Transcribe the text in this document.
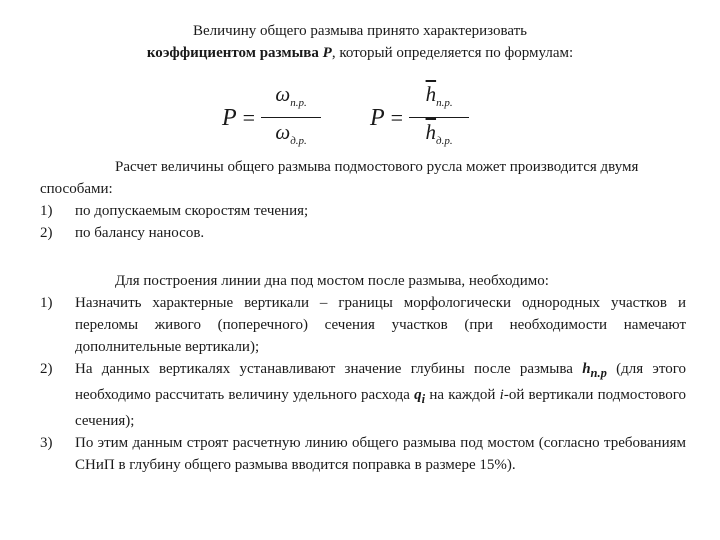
Величину общего размыва принято характеризовать
коэффициентом размыва P, который определяется по формулам:
$P = \frac{\omega_{п.р.}}{\omega_{д.р.}}$ $P = \frac{\overline{h}_{п.р.}}{\overline{h}_{д.р.}}$
Расчет величины общего размыва подмостового русла может производится двумя способами:
1) по допускаемым скоростям течения;
2) по балансу наносов.
Для построения линии дна под мостом после размыва, необходимо:
1) Назначить характерные вертикали – границы морфологически однородных участков и переломы живого (поперечного) сечения участков (при необходимости намечают дополнительные вертикали);
2) На данных вертикалях устанавливают значение глубины после размыва $h_{п.р}$ (для этого необходимо рассчитать величину удельного расхода $q_i$ на каждой i-ой вертикали подмостового сечения);
3) По этим данным строят расчетную линию общего размыва под мостом (согласно требованиям СНиП в глубину общего размыва вводится поправка в размере 15%).
